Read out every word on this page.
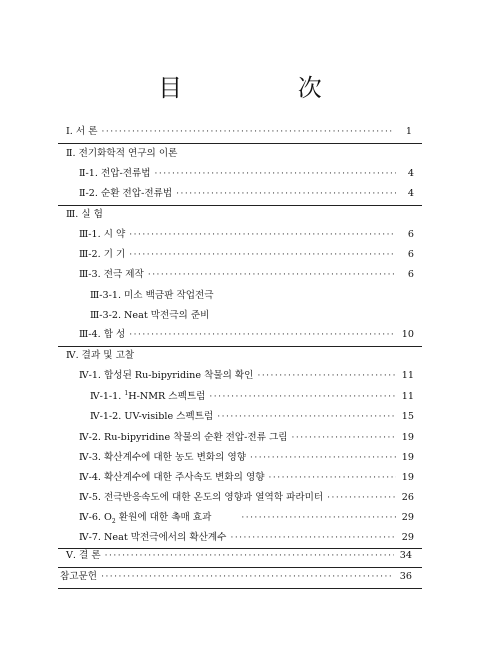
目 次
Ⅰ. 서 론 ·····	1
Ⅱ. 전기화학적 연구의 이론
Ⅱ-1. 전압-전류법 ·····	4
Ⅱ-2. 순환 전압-전류법 ·····	4
Ⅲ. 실 험
Ⅲ-1. 시 약 ·····	6
Ⅲ-2. 기 기 ·····	6
Ⅲ-3. 전극 제작 ·····	6
Ⅲ-3-1. 미소 백금판 작업전극
Ⅲ-3-2. Neat 막전극의 준비
Ⅲ-4. 합 성 ·····	10
Ⅳ. 결과 및 고찰
Ⅳ-1. 합성된 Ru-bipyridine 착물의 확인 ·····	11
Ⅳ-1-1. $^1$H-NMR 스펙트럼 ·····	11
Ⅳ-1-2. UV-visible 스펙트럼 ·····	15
Ⅳ-2. Ru-bipyridine 착물의 순환 전압-전류 그림 ·····	19
Ⅳ-3. 확산계수에 대한 농도 변화의 영향 ·····	19
Ⅳ-4. 확산계수에 대한 주사속도 변화의 영향 ·····	19
Ⅳ-5. 전극반응속도에 대한 온도의 영향과 열역학 파라미터 ·····	26
Ⅳ-6. $O_2$ 환원에 대한 촉매 효과 ·····	29
Ⅳ-7. Neat 막전극에서의 확산계수 ·····	29
Ⅴ. 결 론 ·····	34
참고문헌 ·····	36
